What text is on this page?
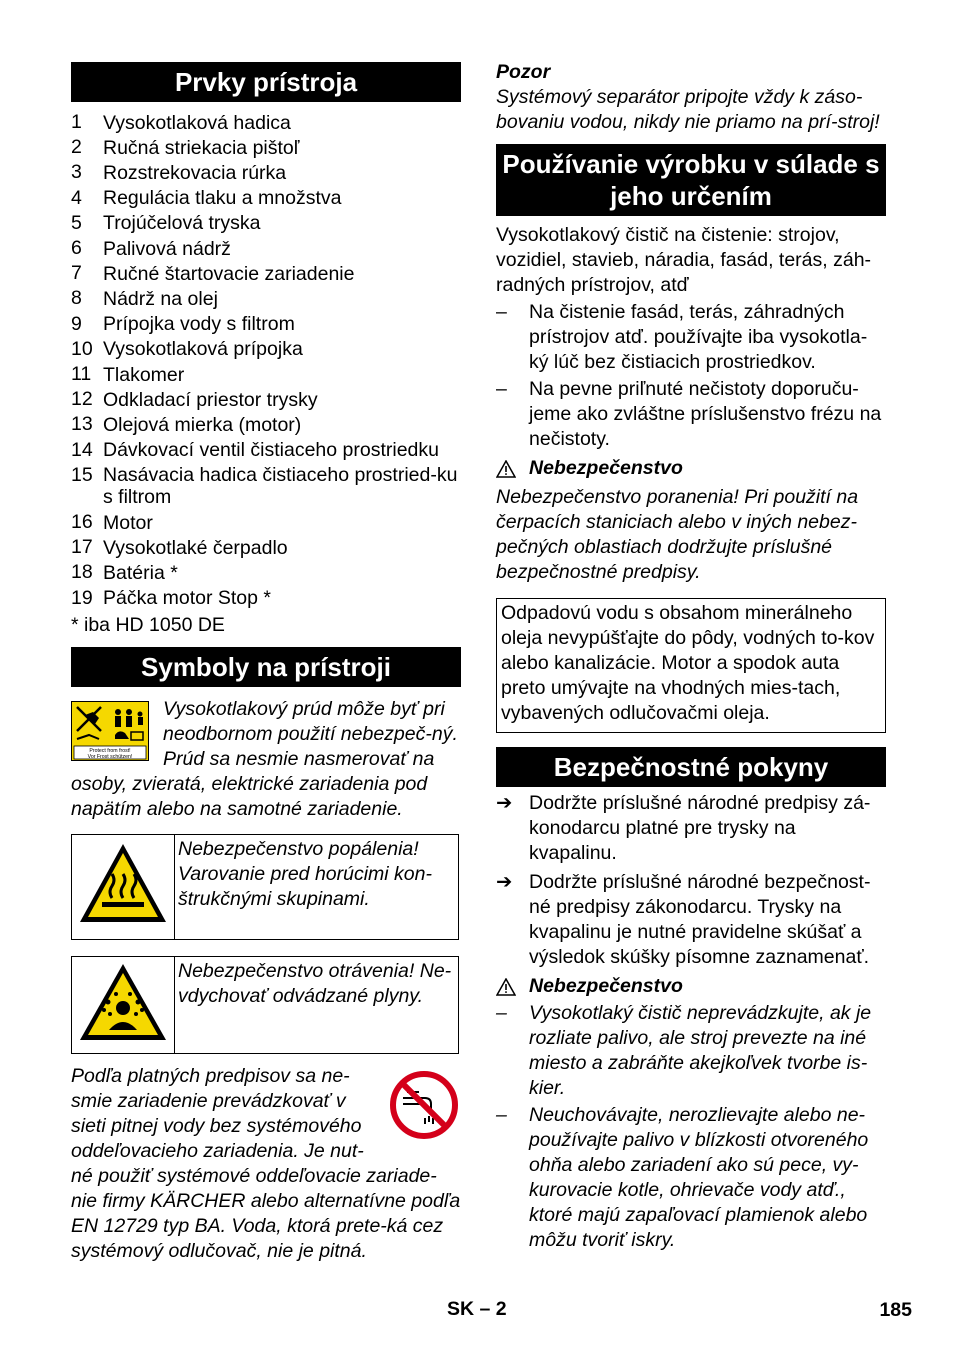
Prvky prístroja
1	Vysokotlaková hadica
2	Ručná striekacia pištoľ
3	Rozstrekovacia rúrka
4	Regulácia tlaku a množstva
5	Trojúčelová tryska
6	Palivová nádrž
7	Ručné štartovacie zariadenie
8	Nádrž na olej
9	Prípojka vody s filtrom
10 Vysokotlaková prípojka
11 Tlakomer
12 Odkladací priestor trysky
13 Olejová mierka (motor)
14 Dávkovací ventil čistiaceho prostriedku
15 Nasávacia hadica čistiaceho prostried-ku s filtrom
16 Motor
17 Vysokotlaké čerpadlo
18 Batéria *
19 Páčka motor Stop *

* iba HD 1050 DE

Symboly na prístroji
Protect from frost!
Vor Frost schützen!

Vysokotlakový prúd môže byť pri neodbornom použití nebezpeč-ný. Prúd sa nesmie nasmerovať na osoby, zvieratá, elektrické zariadenia pod napätím alebo na samotné zariadenie.

	Nebezpečenstvo popálenia! Varovanie pred horúcimi kon-štrukčnými skupinami.
	Nebezpečenstvo otrávenia! Ne-vdychovať odvádzané plyny.

Podľa platných predpisov sa ne-smie zariadenie prevádzkovať v sieti pitnej vody bez systémového oddeľovacieho zariadenia. Je nut-né použiť systémové oddeľovacie zariade-nie firmy KÄRCHER alebo alternatívne podľa EN 12729 typ BA. Voda, ktorá prete-ká cez systémový odlučovač, nie je pitná.

Pozor

Systémový separátor pripojte vždy k záso-bovaniu vodou, nikdy nie priamo na prí-stroj!

Používanie výrobku v súlade s jeho určením

Vysokotlakový čistič na čistenie: strojov, vozidiel, stavieb, náradia, fasád, terás, záh-radných prístrojov, atď

–	Na čistenie fasád, terás, záhradných prístrojov atď. používajte iba vysokotla-ký lúč bez čistiacich prostriedkov.
–	Na pevne priľnuté nečistoty doporuču-jeme ako zvláštne príslušenstvo frézu na nečistoty.
Nebezpečenstvo

Nebezpečenstvo poranenia! Pri použití na čerpacích staniciach alebo v iných nebez-pečných oblastiach dodržujte príslušné bezpečnostné predpisy.

Odpadovú vodu s obsahom minerálneho oleja nevypúšťajte do pôdy, vodných to-kov alebo kanalizácie. Motor a spodok auta preto umývajte na vhodných mies-tach, vybavených odlučovačmi oleja.
Bezpečnostné pokyny
➔ Dodržte príslušné národné predpisy zá-konodarcu platné pre trysky na kvapalinu.
➔ Dodržte príslušné národné bezpečnost-né predpisy zákonodarcu. Trysky na kvapalinu je nutné pravidelne skúšať a výsledok skúšky písomne zaznamenať.
Nebezpečenstvo
–	Vysokotlaký čistič neprevádzkujte, ak je rozliate palivo, ale stroj prevezte na iné miesto a zabráňte akejkoľvek tvorbe is-kier.
–	Neuchovávajte, nerozlievajte alebo ne-používajte palivo v blízkosti otvoreného ohňa alebo zariadení ako sú pece, vy-kurovacie kotle, ohrievače vody atď., ktoré majú zapaľovací plamienok alebo môžu tvoriť iskry.
SK – 2	185
